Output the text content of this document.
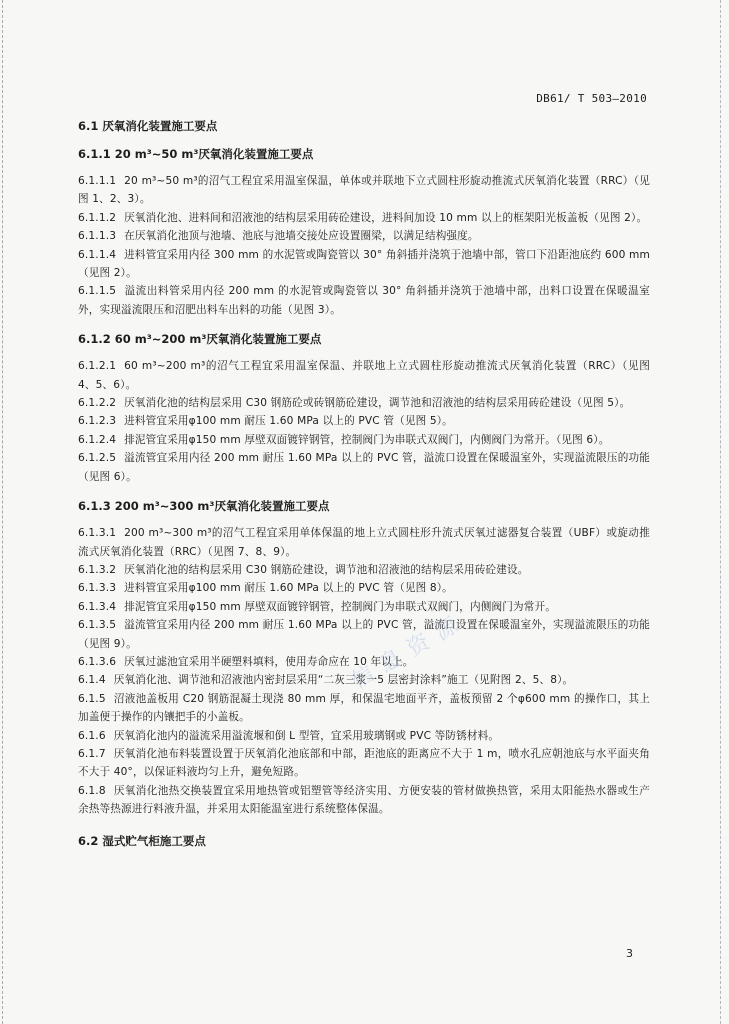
DB61/ T 503—2010
6.1 厌氧消化装置施工要点
6.1.1 20 m³~50 m³厌氧消化装置施工要点
6.1.1.1 20 m³~50 m³的沼气工程宜采用温室保温，单体或并联地下立式圆柱形旋动推流式厌氧消化装置（RRC）（见图 1、2、3）。
6.1.1.2 厌氧消化池、进料间和沼液池的结构层采用砖砼建设，进料间加设 10 mm 以上的框架阳光板盖板（见图 2）。
6.1.1.3 在厌氧消化池顶与池墙、池底与池墙交接处应设置圈梁，以满足结构强度。
6.1.1.4 进料管宜采用内径 300 mm 的水泥管或陶瓷管以 30° 角斜插并浇筑于池墙中部，管口下沿距池底约 600 mm（见图 2）。
6.1.1.5 溢流出料管采用内径 200 mm 的水泥管或陶瓷管以 30° 角斜插并浇筑于池墙中部，出料口设置在保暖温室外，实现溢流限压和沼肥出料车出料的功能（见图 3）。
6.1.2 60 m³~200 m³厌氧消化装置施工要点
6.1.2.1 60 m³~200 m³的沼气工程宜采用温室保温、并联地上立式圆柱形旋动推流式厌氧消化装置（RRC）（见图 4、5、6）。
6.1.2.2 厌氧消化池的结构层采用 C30 钢筋砼或砖钢筋砼建设，调节池和沼液池的结构层采用砖砼建设（见图 5）。
6.1.2.3 进料管宜采用φ100 mm 耐压 1.60 MPa 以上的 PVC 管（见图 5）。
6.1.2.4 排泥管宜采用φ150 mm 厚壁双面镀锌钢管，控制阀门为串联式双阀门，内侧阀门为常开。（见图 6）。
6.1.2.5 溢流管宜采用内径 200 mm 耐压 1.60 MPa 以上的 PVC 管，溢流口设置在保暖温室外，实现溢流限压的功能（见图 6）。
6.1.3 200 m³~300 m³厌氧消化装置施工要点
6.1.3.1 200 m³~300 m³的沼气工程宜采用单体保温的地上立式圆柱形升流式厌氧过滤器复合装置（UBF）或旋动推流式厌氧消化装置（RRC）（见图 7、8、9）。
6.1.3.2 厌氧消化池的结构层采用 C30 钢筋砼建设，调节池和沼液池的结构层采用砖砼建设。
6.1.3.3 进料管宜采用φ100 mm 耐压 1.60 MPa 以上的 PVC 管（见图 8）。
6.1.3.4 排泥管宜采用φ150 mm 厚壁双面镀锌钢管，控制阀门为串联式双阀门，内侧阀门为常开。
6.1.3.5 溢流管宜采用内径 200 mm 耐压 1.60 MPa 以上的 PVC 管，溢流口设置在保暖温室外，实现溢流限压的功能（见图 9）。
6.1.3.6 厌氧过滤池宜采用半硬塑料填料，使用寿命应在 10 年以上。
6.1.4 厌氧消化池、调节池和沼液池内密封层采用“二灰三浆一5 层密封涂料”施工（见附图 2、5、8）。
6.1.5 沼液池盖板用 C20 钢筋混凝土现浇 80 mm 厚，和保温宅地面平齐，盖板预留 2 个φ600 mm 的操作口，其上加盖便于操作的内镶把手的小盖板。
6.1.6 厌氧消化池内的溢流采用溢流堰和倒 L 型管，宜采用玻璃钢或 PVC 等防锈材料。
6.1.7 厌氧消化池布料装置设置于厌氧消化池底部和中部，距池底的距离应不大于 1 m，喷水孔应朝池底与水平面夹角不大于 40°，以保证料液均匀上升，避免短路。
6.1.8 厌氧消化池热交换装置宜采用地热管或铝塑管等经济实用、方便安装的管材做换热管，采用太阳能热水器或生产余热等热源进行料液升温，并采用太阳能温室进行系统整体保温。
6.2 湿式贮气柜施工要点
信息资源
3
